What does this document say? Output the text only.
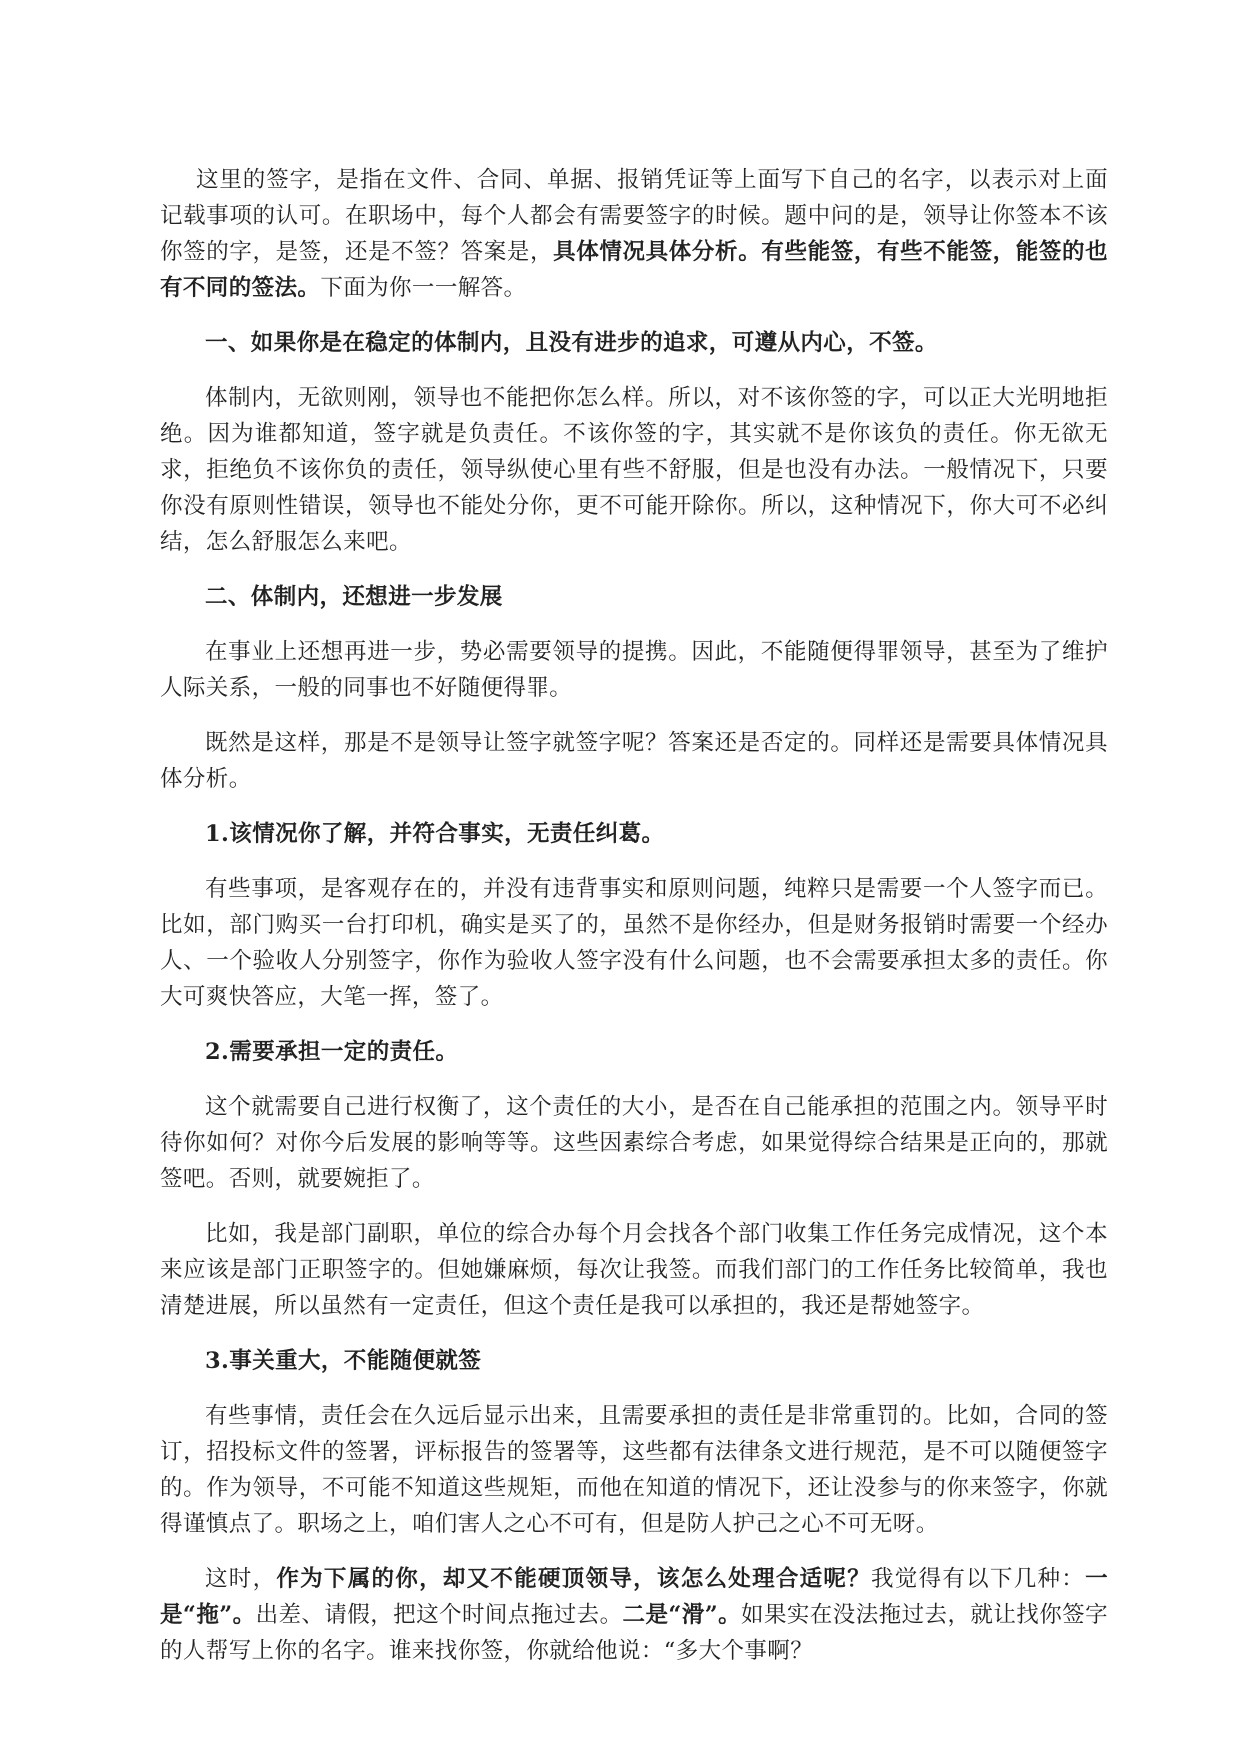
这里的签字，是指在文件、合同、单据、报销凭证等上面写下自己的名字，以表示对上面记载事项的认可。在职场中，每个人都会有需要签字的时候。题中问的是，领导让你签本不该你签的字，是签，还是不签？答案是，具体情况具体分析。有些能签，有些不能签，能签的也有不同的签法。下面为你一一解答。

一、如果你是在稳定的体制内，且没有进步的追求，可遵从内心，不签。

体制内，无欲则刚，领导也不能把你怎么样。所以，对不该你签的字，可以正大光明地拒绝。因为谁都知道，签字就是负责任。不该你签的字，其实就不是你该负的责任。你无欲无求，拒绝负不该你负的责任，领导纵使心里有些不舒服，但是也没有办法。一般情况下，只要你没有原则性错误，领导也不能处分你，更不可能开除你。所以，这种情况下，你大可不必纠结，怎么舒服怎么来吧。

二、体制内，还想进一步发展

在事业上还想再进一步，势必需要领导的提携。因此，不能随便得罪领导，甚至为了维护人际关系，一般的同事也不好随便得罪。

既然是这样，那是不是领导让签字就签字呢？答案还是否定的。同样还是需要具体情况具体分析。

1.该情况你了解，并符合事实，无责任纠葛。

有些事项，是客观存在的，并没有违背事实和原则问题，纯粹只是需要一个人签字而已。比如，部门购买一台打印机，确实是买了的，虽然不是你经办，但是财务报销时需要一个经办人、一个验收人分别签字，你作为验收人签字没有什么问题，也不会需要承担太多的责任。你大可爽快答应，大笔一挥，签了。

2.需要承担一定的责任。

这个就需要自己进行权衡了，这个责任的大小，是否在自己能承担的范围之内。领导平时待你如何？对你今后发展的影响等等。这些因素综合考虑，如果觉得综合结果是正向的，那就签吧。否则，就要婉拒了。

比如，我是部门副职，单位的综合办每个月会找各个部门收集工作任务完成情况，这个本来应该是部门正职签字的。但她嫌麻烦，每次让我签。而我们部门的工作任务比较简单，我也清楚进展，所以虽然有一定责任，但这个责任是我可以承担的，我还是帮她签字。

3.事关重大，不能随便就签

有些事情，责任会在久远后显示出来，且需要承担的责任是非常重罚的。比如，合同的签订，招投标文件的签署，评标报告的签署等，这些都有法律条文进行规范，是不可以随便签字的。作为领导，不可能不知道这些规矩，而他在知道的情况下，还让没参与的你来签字，你就得谨慎点了。职场之上，咱们害人之心不可有，但是防人护己之心不可无呀。

这时，作为下属的你，却又不能硬顶领导，该怎么处理合适呢？我觉得有以下几种：一是“拖”。出差、请假，把这个时间点拖过去。二是“滑”。如果实在没法拖过去，就让找你签字的人帮写上你的名字。谁来找你签，你就给他说：“多大个事啊？
